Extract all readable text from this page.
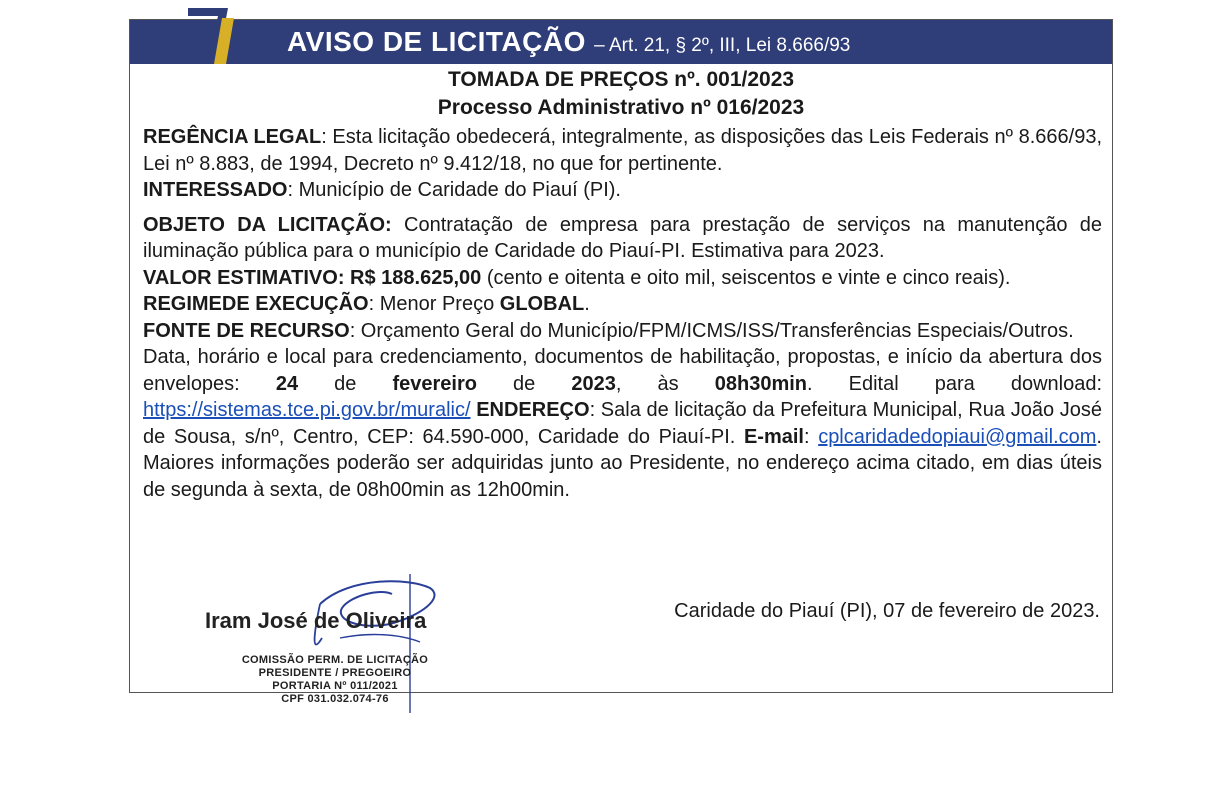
AVISO DE LICITAÇÃO – Art. 21, § 2º, III, Lei 8.666/93
TOMADA DE PREÇOS nº. 001/2023
Processo Administrativo nº 016/2023

REGÊNCIA LEGAL: Esta licitação obedecerá, integralmente, as disposições das Leis Federais nº 8.666/93, Lei nº 8.883, de 1994, Decreto nº 9.412/18, no que for pertinente.

INTERESSADO: Município de Caridade do Piauí (PI).

OBJETO DA LICITAÇÃO: Contratação de empresa para prestação de serviços na manutenção de iluminação pública para o município de Caridade do Piauí-PI. Estimativa para 2023.

VALOR ESTIMATIVO: R$ 188.625,00 (cento e oitenta e oito mil, seiscentos e vinte e cinco reais).

REGIMEDE EXECUÇÃO: Menor Preço GLOBAL.

FONTE DE RECURSO: Orçamento Geral do Município/FPM/ICMS/ISS/Transferências Especiais/Outros.

Data, horário e local para credenciamento, documentos de habilitação, propostas, e início da abertura dos envelopes: 24 de fevereiro de 2023, às 08h30min. Edital para download: https://sistemas.tce.pi.gov.br/muralic/ ENDEREÇO: Sala de licitação da Prefeitura Municipal, Rua João José de Sousa, s/nº, Centro, CEP: 64.590-000, Caridade do Piauí-PI. E-mail: cplcaridadedopiaui@gmail.com. Maiores informações poderão ser adquiridas junto ao Presidente, no endereço acima citado, em dias úteis de segunda à sexta, de 08h00min as 12h00min.

Caridade do Piauí (PI), 07 de fevereiro de 2023.
Iram José de Oliveira
COMISSÃO PERM. DE LICITAÇÃO
PRESIDENTE / PREGOEIRO
PORTARIA Nº 011/2021
CPF 031.032.074-76
